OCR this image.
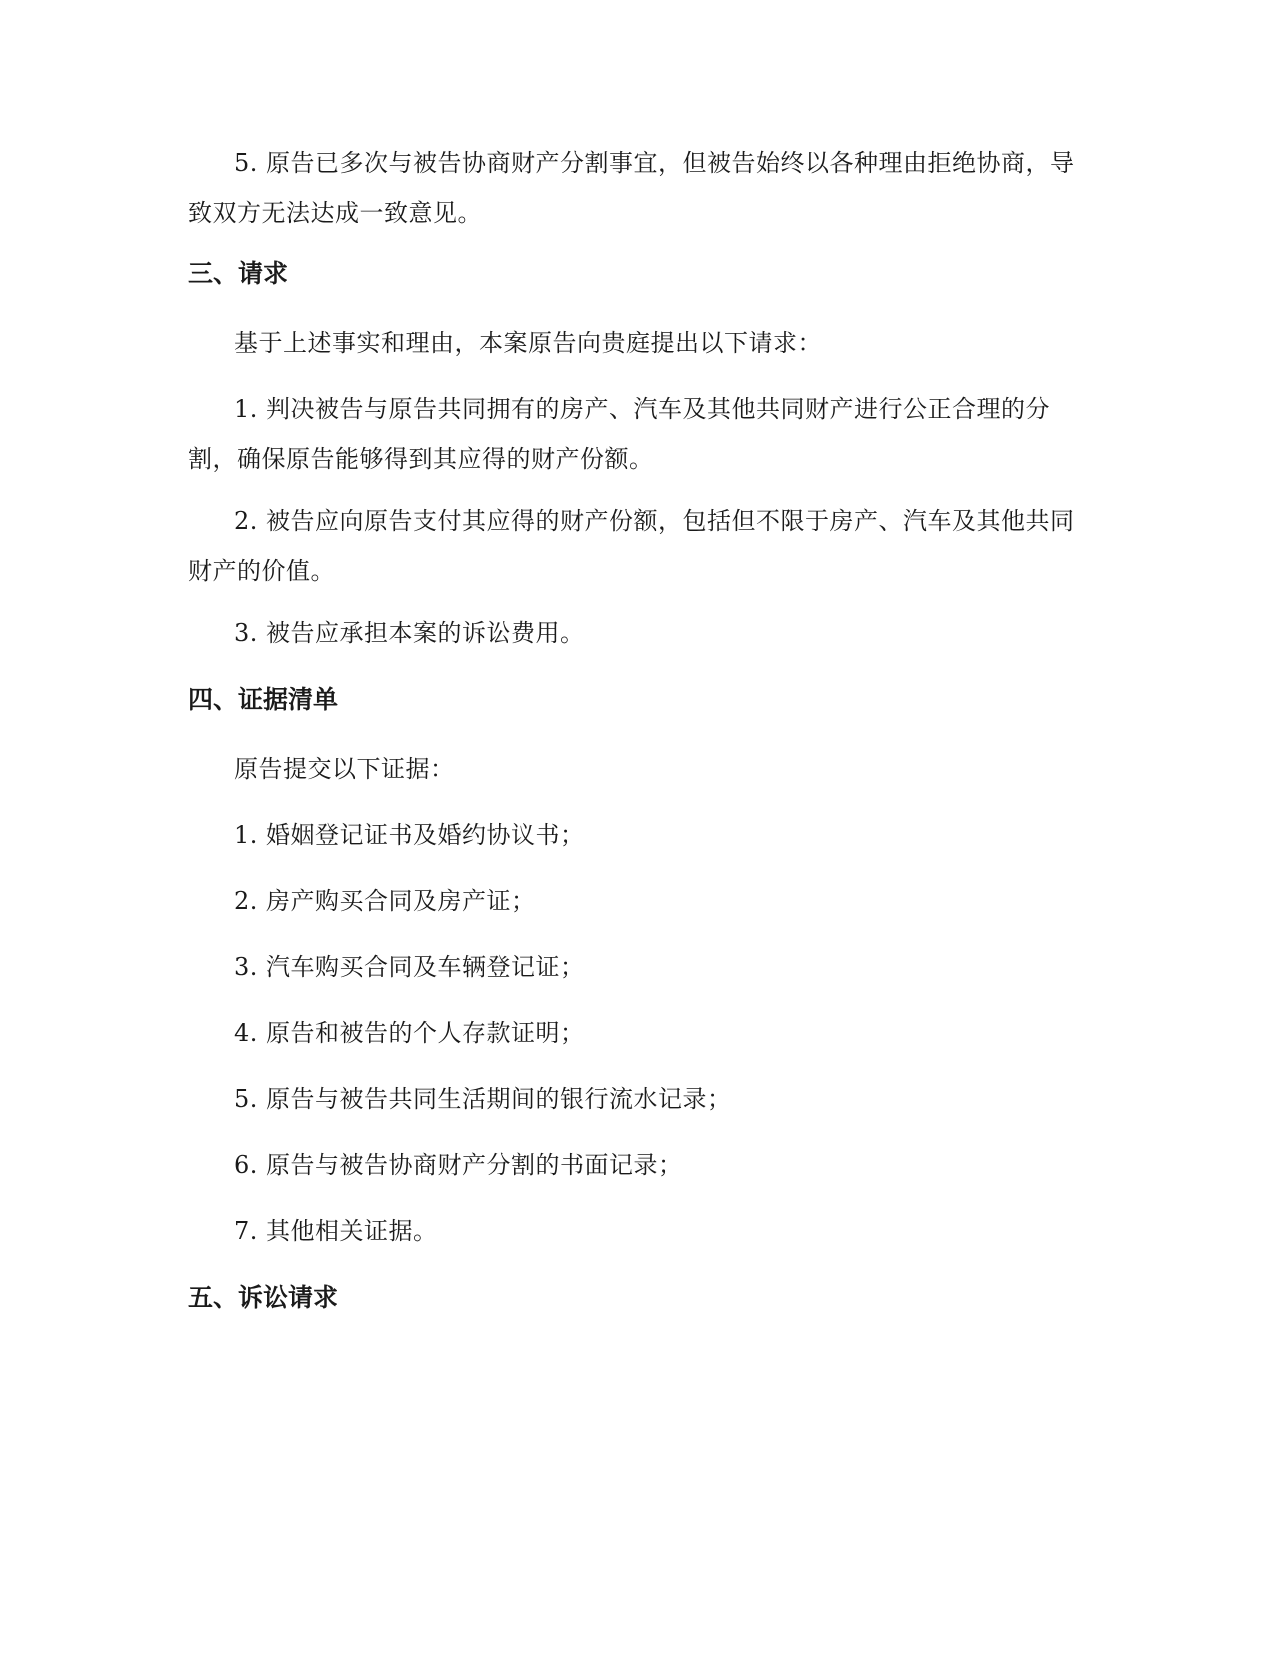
5. 原告已多次与被告协商财产分割事宜，但被告始终以各种理由拒绝协商，导致双方无法达成一致意见。

三、请求

基于上述事实和理由，本案原告向贵庭提出以下请求：

1. 判决被告与原告共同拥有的房产、汽车及其他共同财产进行公正合理的分割，确保原告能够得到其应得的财产份额。

2. 被告应向原告支付其应得的财产份额，包括但不限于房产、汽车及其他共同财产的价值。

3. 被告应承担本案的诉讼费用。

四、证据清单

原告提交以下证据：

1. 婚姻登记证书及婚约协议书；

2. 房产购买合同及房产证；

3. 汽车购买合同及车辆登记证；

4. 原告和被告的个人存款证明；

5. 原告与被告共同生活期间的银行流水记录；

6. 原告与被告协商财产分割的书面记录；

7. 其他相关证据。

五、诉讼请求
